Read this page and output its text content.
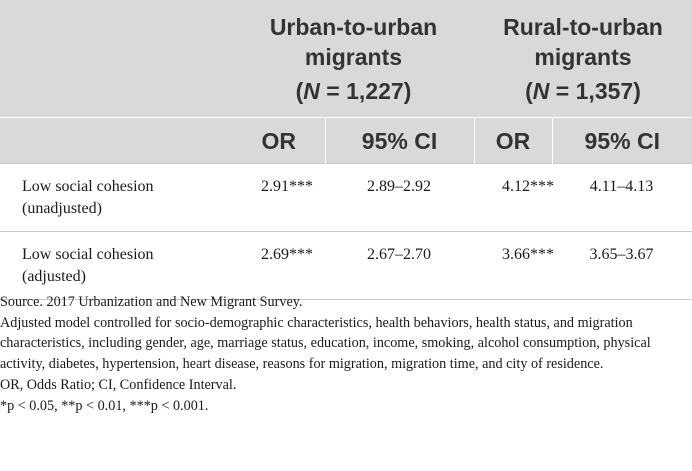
	Urban-to-urban
migrants
(N = 1,227)		Rural-to-urban
migrants
(N = 1,357)	

	OR	95% CI	OR	95% CI
Low social cohesion
(unadjusted)	2.91***	2.89–2.92	4.12***	4.11–4.13
Low social cohesion
(adjusted)	2.69***	2.67–2.70	3.66***	3.65–3.67

Source. 2017 Urbanization and New Migrant Survey.

Adjusted model controlled for socio-demographic characteristics, health behaviors, health status, and migration characteristics, including gender, age, marriage status, education, income, smoking, alcohol consumption, physical activity, diabetes, hypertension, heart disease, reasons for migration, migration time, and city of residence.

OR, Odds Ratio; CI, Confidence Interval.

*p < 0.05, **p < 0.01, ***p < 0.001.
